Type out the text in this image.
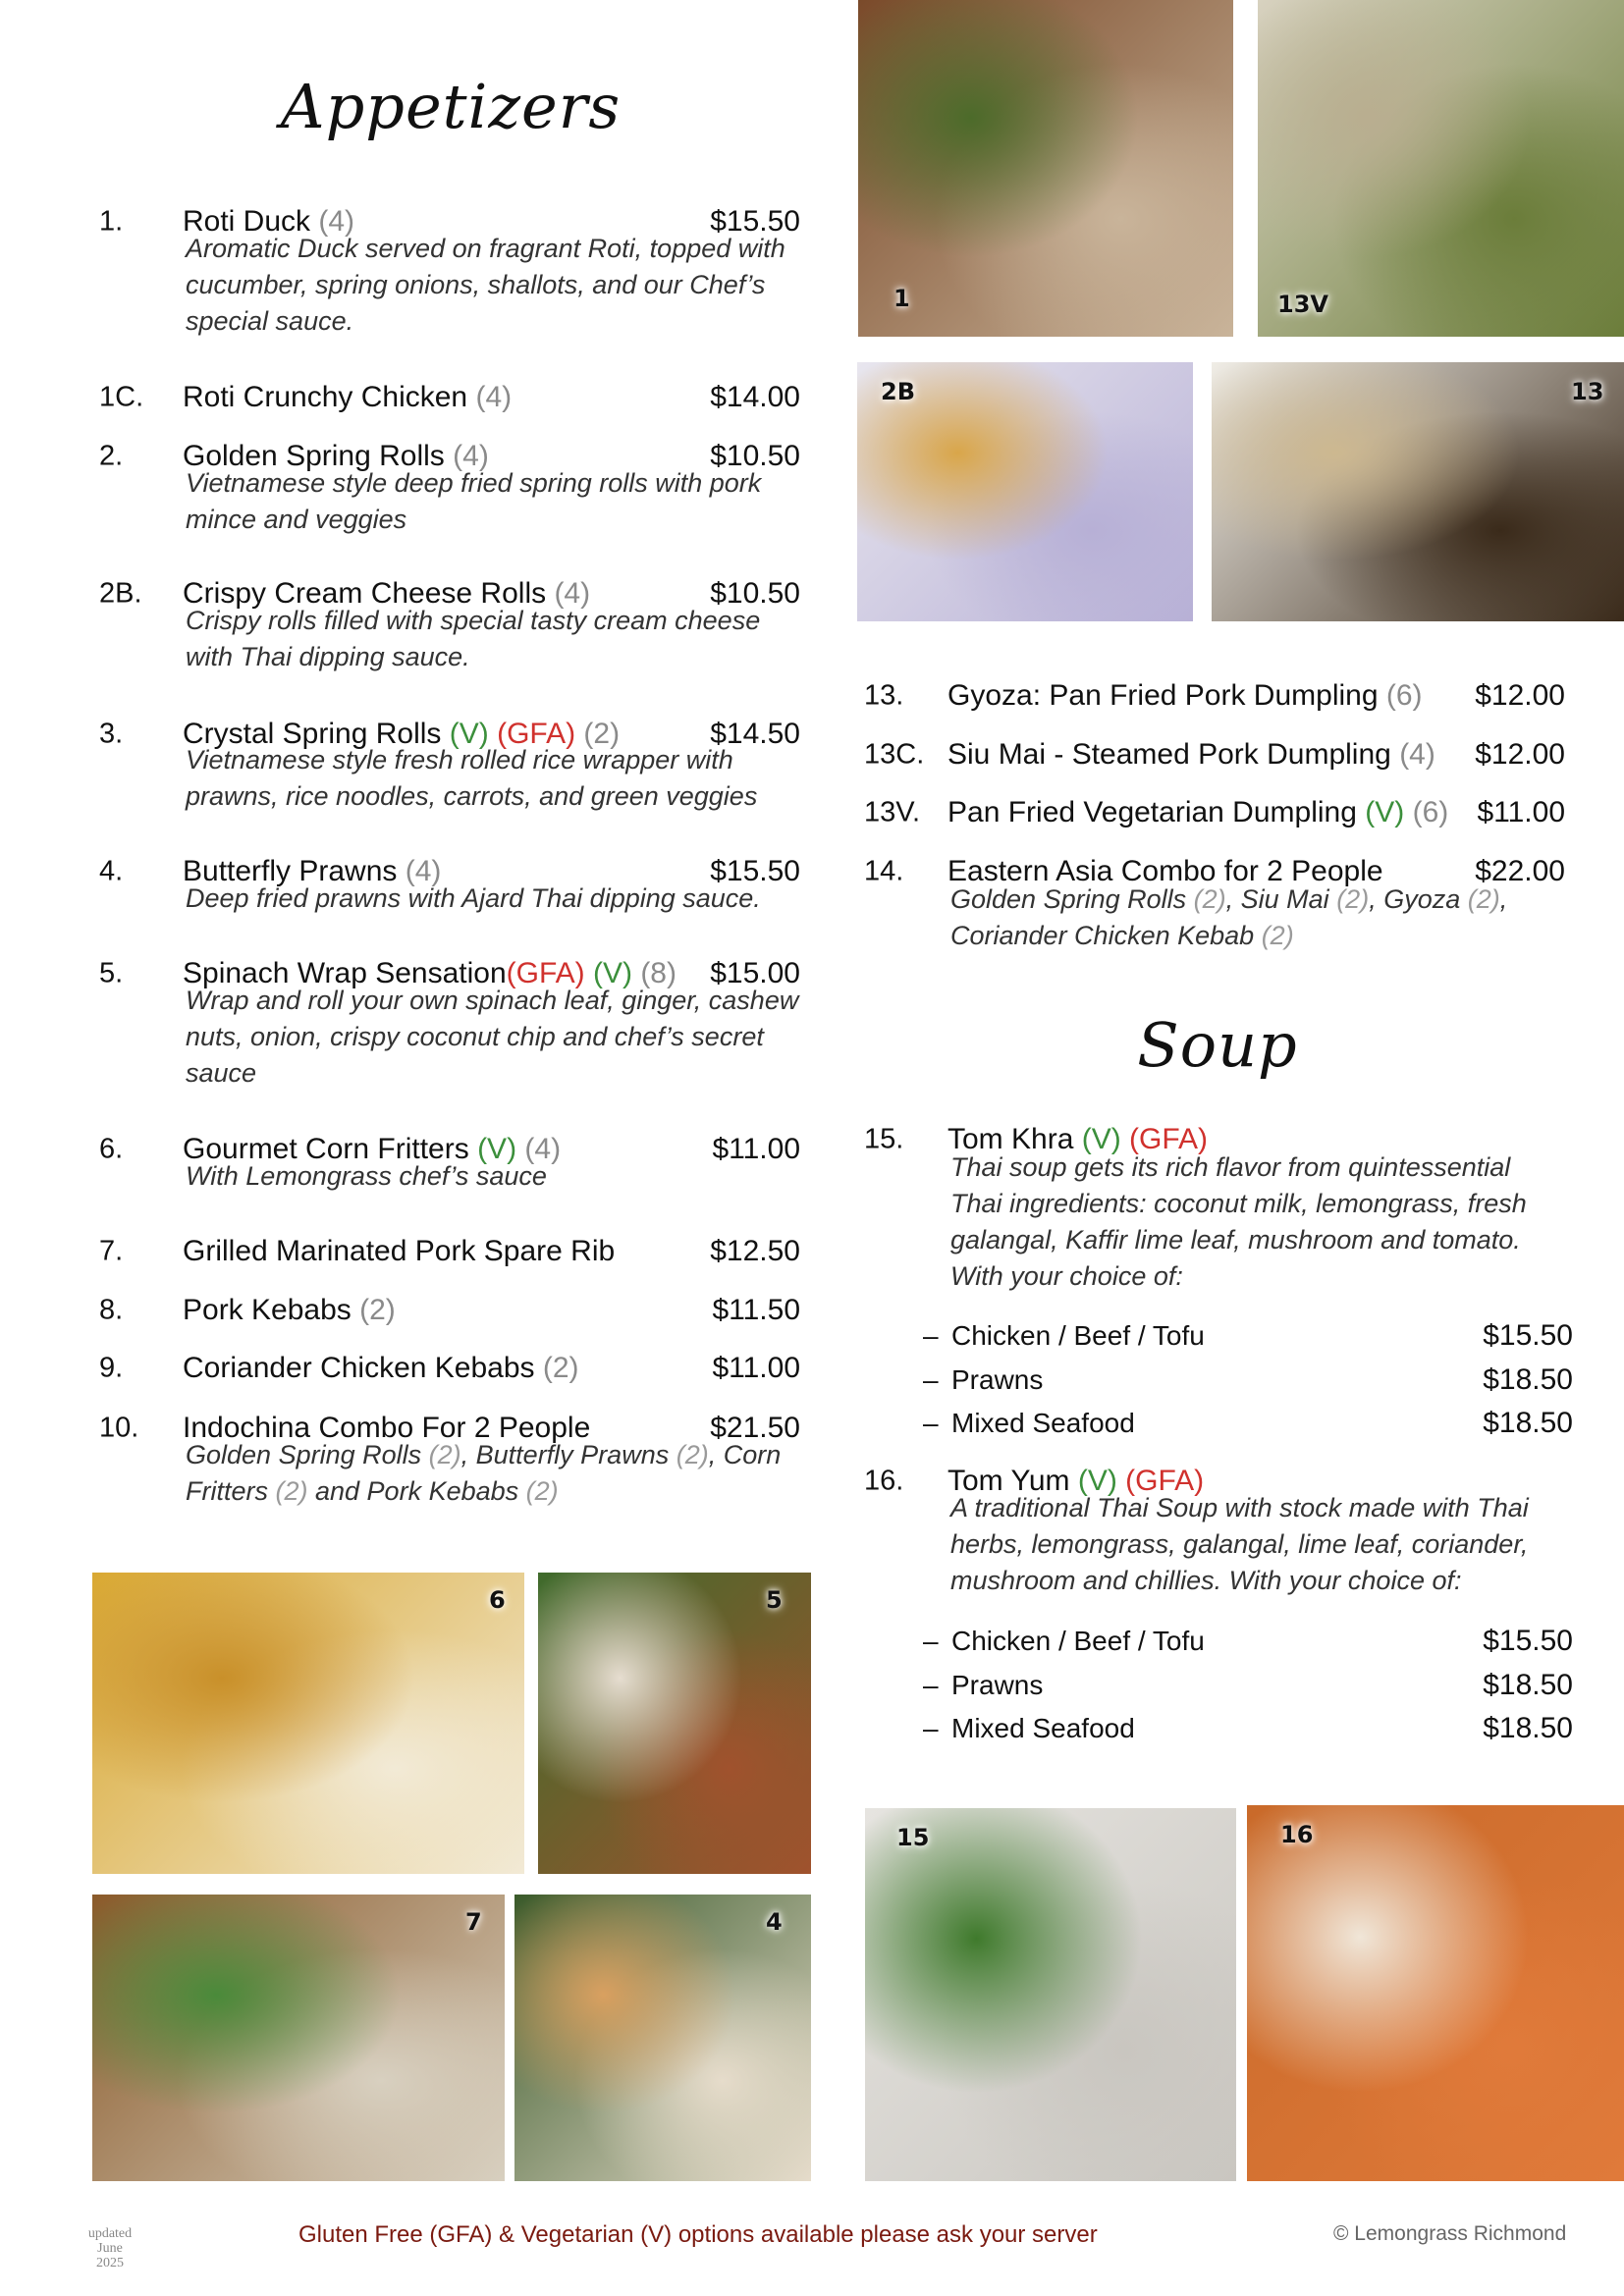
Appetizers
Soup
1. Roti Duck (4)	$15.50
Aromatic Duck served on fragrant Roti, topped with
cucumber, spring onions, shallots, and our Chef’s
special sauce.
1C. Roti Crunchy Chicken (4)	$14.00
2. Golden Spring Rolls (4)	$10.50
Vietnamese style deep fried spring rolls with pork
mince and veggies
2B. Crispy Cream Cheese Rolls (4)	$10.50
Crispy rolls filled with special tasty cream cheese
with Thai dipping sauce.
3. Crystal Spring Rolls (V) (GFA) (2)	$14.50
Vietnamese style fresh rolled rice wrapper with
prawns, rice noodles, carrots, and green veggies
4. Butterfly Prawns (4)	$15.50
Deep fried prawns with Ajard Thai dipping sauce.
5. Spinach Wrap Sensation(GFA) (V) (8) $15.00
Wrap and roll your own spinach leaf, ginger, cashew
nuts, onion, crispy coconut chip and chef’s secret
sauce
6. Gourmet Corn Fritters (V) (4)	$11.00
With Lemongrass chef’s sauce
7. Grilled Marinated Pork Spare Rib	$12.50
8. Pork Kebabs (2)	$11.50
9. Coriander Chicken Kebabs (2)	$11.00
10. Indochina Combo For 2 People	$21.50
Golden Spring Rolls (2), Butterfly Prawns (2), Corn
Fritters (2) and Pork Kebabs (2)
13. Gyoza: Pan Fried Pork Dumpling (6) $12.00
13C. Siu Mai - Steamed Pork Dumpling (4) $12.00
13V. Pan Fried Vegetarian Dumpling (V) (6) $11.00
14. Eastern Asia Combo for 2 People	$22.00
Golden Spring Rolls (2), Siu Mai (2), Gyoza (2),
Coriander Chicken Kebab (2)
15. Tom Khra (V) (GFA)
Thai soup gets its rich flavor from quintessential
Thai ingredients: coconut milk, lemongrass, fresh
galangal, Kaffir lime leaf, mushroom and tomato.
With your choice of:
– Chicken / Beef / Tofu	$15.50
– Prawns	$18.50
– Mixed Seafood	$18.50
16. Tom Yum (V) (GFA)
A traditional Thai Soup with stock made with Thai
herbs, lemongrass, galangal, lime leaf, coriander,
mushroom and chillies. With your choice of:
– Chicken / Beef / Tofu	$15.50
– Prawns	$18.50
– Mixed Seafood	$18.50
1	13V
2B	13
6	5
7	4
15	16
updated
June
2025
Gluten Free (GFA) & Vegetarian (V) options available please ask your server	© Lemongrass Richmond
